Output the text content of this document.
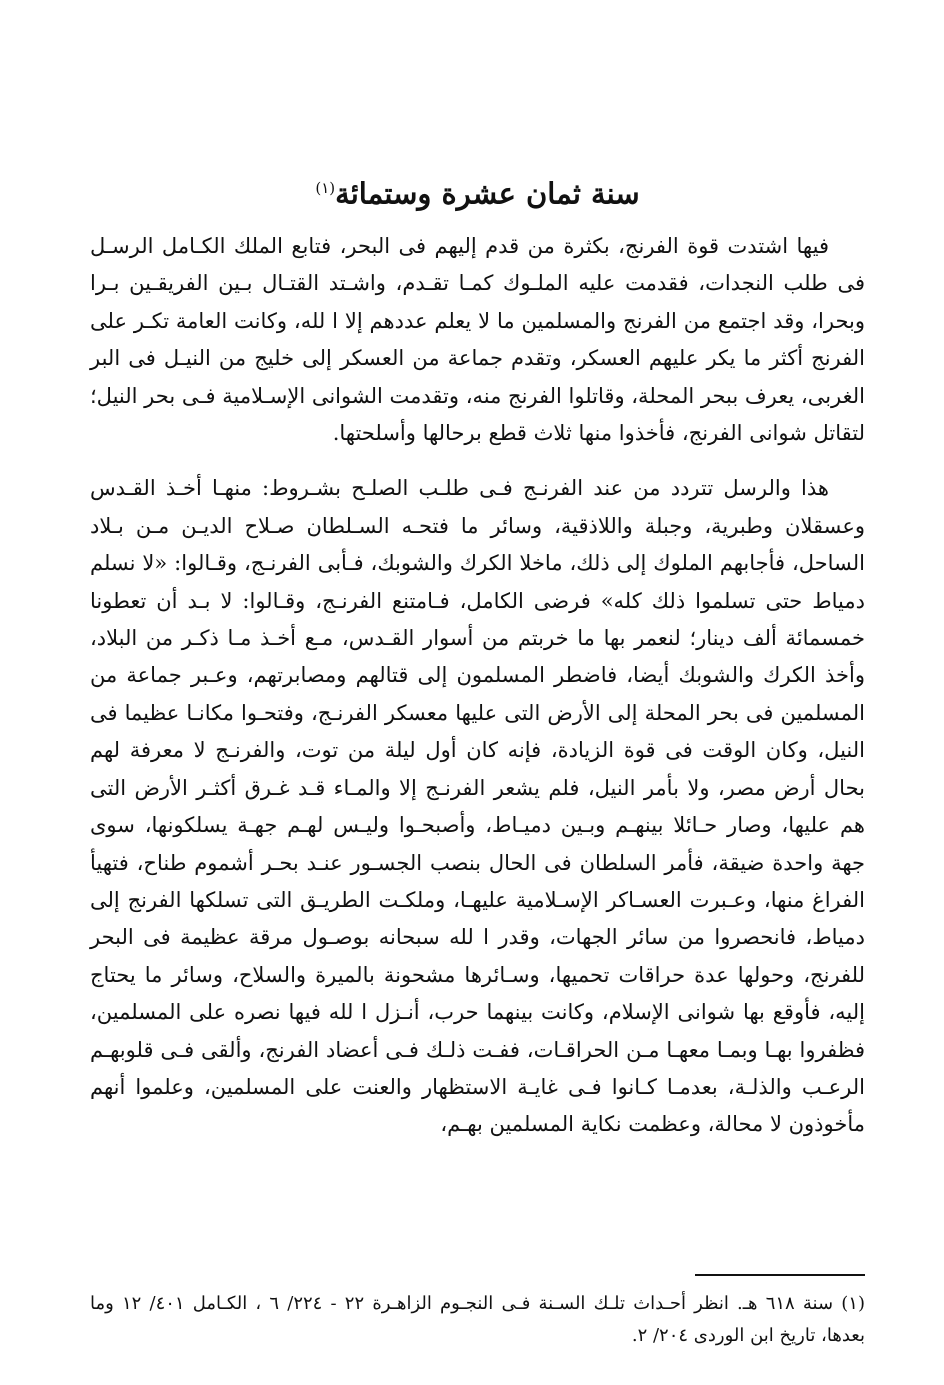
سنة ثمان عشرة وستمائة$^{(١)}$

فيها اشتدت قوة الفرنج، بكثرة من قدم إليهم فى البحر، فتابع الملك الكـامل الرسـل فى طلب النجدات، فقدمت عليه الملـوك كمـا تقـدم، واشـتد القتـال بـين الفريقـين بـرا وبحرا، وقد اجتمع من الفرنج والمسلمين ما لا يعلم عددهم إلا ا لله، وكانت العامة تكـر على الفرنج أكثر ما يكر عليهم العسكر، وتقدم جماعة من العسكر إلى خليج من النيـل فى البر الغربى، يعرف ببحر المحلة، وقاتلوا الفرنج منه، وتقدمت الشوانى الإسـلامية فـى بحر النيل؛ لتقاتل شوانى الفرنج، فأخذوا منها ثلاث قطع برحالها وأسلحتها.

هذا والرسل تتردد من عند الفرنـج فـى طلـب الصلـح بشـروط: منهـا أخـذ القـدس وعسقلان وطبرية، وجبلة واللاذقية، وسائر ما فتحـه السـلطان صـلاح الديـن مـن بـلاد الساحل، فأجابهم الملوك إلى ذلك، ماخلا الكرك والشوبك، فـأبى الفرنـج، وقـالوا: «لا نسلم دمياط حتى تسلموا ذلك كله» فرضى الكامل، فـامتنع الفرنـج، وقـالوا: لا بـد أن تعطونا خمسمائة ألف دينار؛ لنعمر بها ما خربتم من أسوار القـدس، مـع أخـذ مـا ذكـر من البلاد، وأخذ الكرك والشوبك أيضا، فاضطر المسلمون إلى قتالهم ومصابرتهم، وعـبر جماعة من المسلمين فى بحر المحلة إلى الأرض التى عليها معسكر الفرنـج، وفتحـوا مكانـا عظيما فى النيل، وكان الوقت فى قوة الزيادة، فإنه كان أول ليلة من توت، والفرنـج لا معرفة لهم بحال أرض مصر، ولا بأمر النيل، فلم يشعر الفرنـج إلا والمـاء قـد غـرق أكثـر الأرض التى هم عليها، وصار حـائلا بينهـم وبـين دميـاط، وأصبحـوا وليـس لهـم جهـة يسلكونها، سوى جهة واحدة ضيقة، فأمر السلطان فى الحال بنصب الجسـور عنـد بحـر أشموم طناح، فتهيأ الفراغ منها، وعـبرت العسـاكر الإسـلامية عليهـا، وملكـت الطريـق التى تسلكها الفرنج إلى دمياط، فانحصروا من سائر الجهات، وقدر ا لله سبحانه بوصـول مرقة عظيمة فى البحر للفرنج، وحولها عدة حراقات تحميها، وسـائرها مشحونة بالميرة والسلاح، وسائر ما يحتاج إليه، فأوقع بها شوانى الإسلام، وكانت بينهما حرب، أنـزل ا لله فيها نصره على المسلمين، فظفروا بهـا وبمـا معهـا مـن الحراقـات، ففـت ذلـك فـى أعضاد الفرنج، وألقى فـى قلوبهـم الرعـب والذلـة، بعدمـا كـانوا فـى غايـة الاستظهار والعنت على المسلمين، وعلموا أنهم مأخوذون لا محالة، وعظمت نكاية المسلمين بهـم،

(١) سنة ٦١٨ هـ. انظر أحـداث تلـك السـنة فـى النجـوم الزاهـرة ٢٢ - ٢٢٤/ ٦ ، الكـامل ٤٠١/ ١٢ وما بعدها، تاريخ ابن الوردى ٢٠٤/ ٢.
